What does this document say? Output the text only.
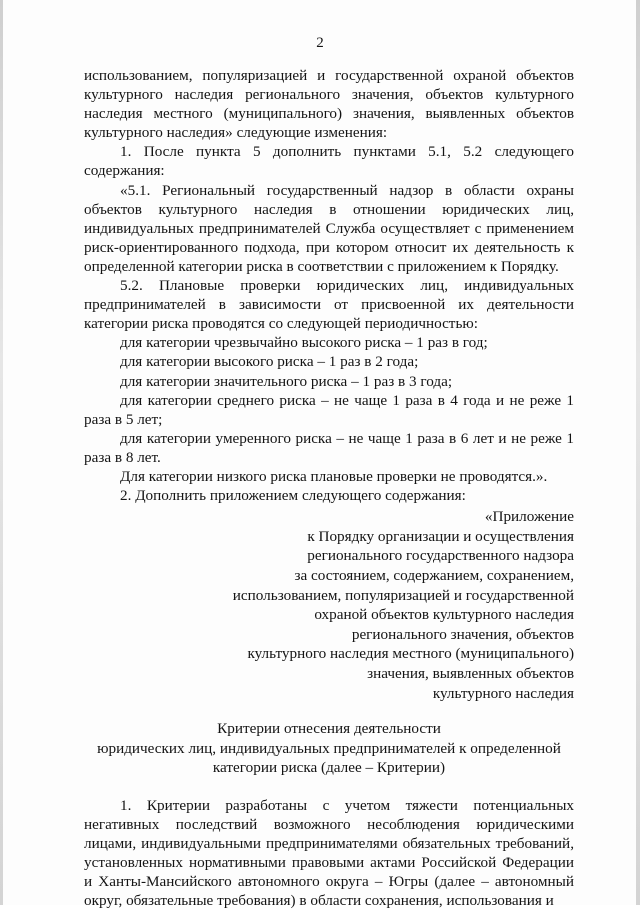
2

использованием, популяризацией и государственной охраной объектов культурного наследия регионального значения, объектов культурного наследия местного (муниципального) значения, выявленных объектов культурного наследия» следующие изменения:

1. После пункта 5 дополнить пунктами 5.1, 5.2 следующего содержания:

«5.1. Региональный государственный надзор в области охраны объектов культурного наследия в отношении юридических лиц, индивидуальных предпринимателей Служба осуществляет с применением риск-ориентированного подхода, при котором относит их деятельность к определенной категории риска в соответствии с приложением к Порядку.

5.2. Плановые проверки юридических лиц, индивидуальных предпринимателей в зависимости от присвоенной их деятельности категории риска проводятся со следующей периодичностью:

для категории чрезвычайно высокого риска – 1 раз в год;

для категории высокого риска – 1 раз в 2 года;

для категории значительного риска – 1 раз в 3 года;

для категории среднего риска – не чаще 1 раза в 4 года и не реже 1 раза в 5 лет;

для категории умеренного риска – не чаще 1 раза в 6 лет и не реже 1 раза в 8 лет.

Для категории низкого риска плановые проверки не проводятся.».

2. Дополнить приложением следующего содержания:

«Приложение
к Порядку организации и осуществления
регионального государственного надзора
за состоянием, содержанием, сохранением,
использованием, популяризацией и государственной
охраной объектов культурного наследия
регионального значения, объектов
культурного наследия местного (муниципального)
значения, выявленных объектов
культурного наследия
Критерии отнесения деятельности
юридических лиц, индивидуальных предпринимателей к определенной
категории риска (далее – Критерии)

1. Критерии разработаны с учетом тяжести потенциальных негативных последствий возможного несоблюдения юридическими лицами, индивидуальными предпринимателями обязательных требований, установленных нормативными правовыми актами Российской Федерации и Ханты-Мансийского автономного округа – Югры (далее – автономный округ, обязательные требования) в области сохранения, использования и
